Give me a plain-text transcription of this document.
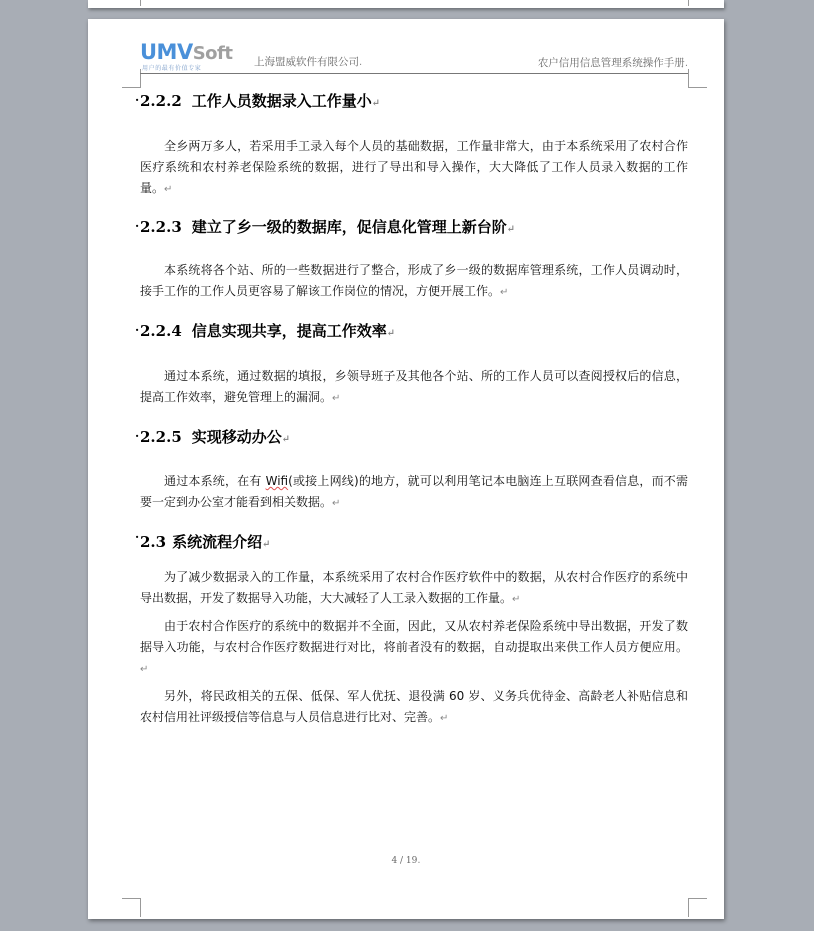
UMVSoft
用户的最有价值专家
上海盟威软件有限公司.	农户信用信息管理系统操作手册.
· 2.2.2 工作人员数据录入工作量小↵

全乡两万多人，若采用手工录入每个人员的基础数据，工作量非常大，由于本系统采用了农村合作医疗系统和农村养老保险系统的数据，进行了导出和导入操作，大大降低了工作人员录入数据的工作量。↵

· 2.2.3 建立了乡一级的数据库，促信息化管理上新台阶↵

本系统将各个站、所的一些数据进行了整合，形成了乡一级的数据库管理系统，工作人员调动时，接手工作的工作人员更容易了解该工作岗位的情况，方便开展工作。↵

· 2.2.4 信息实现共享，提高工作效率↵

通过本系统，通过数据的填报，乡领导班子及其他各个站、所的工作人员可以查阅授权后的信息，提高工作效率，避免管理上的漏洞。↵

· 2.2.5 实现移动办公↵

通过本系统，在有 Wifi(或接上网线)的地方，就可以利用笔记本电脑连上互联网查看信息，而不需要一定到办公室才能看到相关数据。↵

· 2.3 系统流程介绍↵

为了减少数据录入的工作量，本系统采用了农村合作医疗软件中的数据，从农村合作医疗的系统中导出数据，开发了数据导入功能，大大减轻了人工录入数据的工作量。↵

由于农村合作医疗的系统中的数据并不全面，因此，又从农村养老保险系统中导出数据，开发了数据导入功能，与农村合作医疗数据进行对比，将前者没有的数据，自动提取出来供工作人员方便应用。↵

另外，将民政相关的五保、低保、军人优抚、退役满 60 岁、义务兵优待金、高龄老人补贴信息和农村信用社评级授信等信息与人员信息进行比对、完善。↵

4 / 19.
